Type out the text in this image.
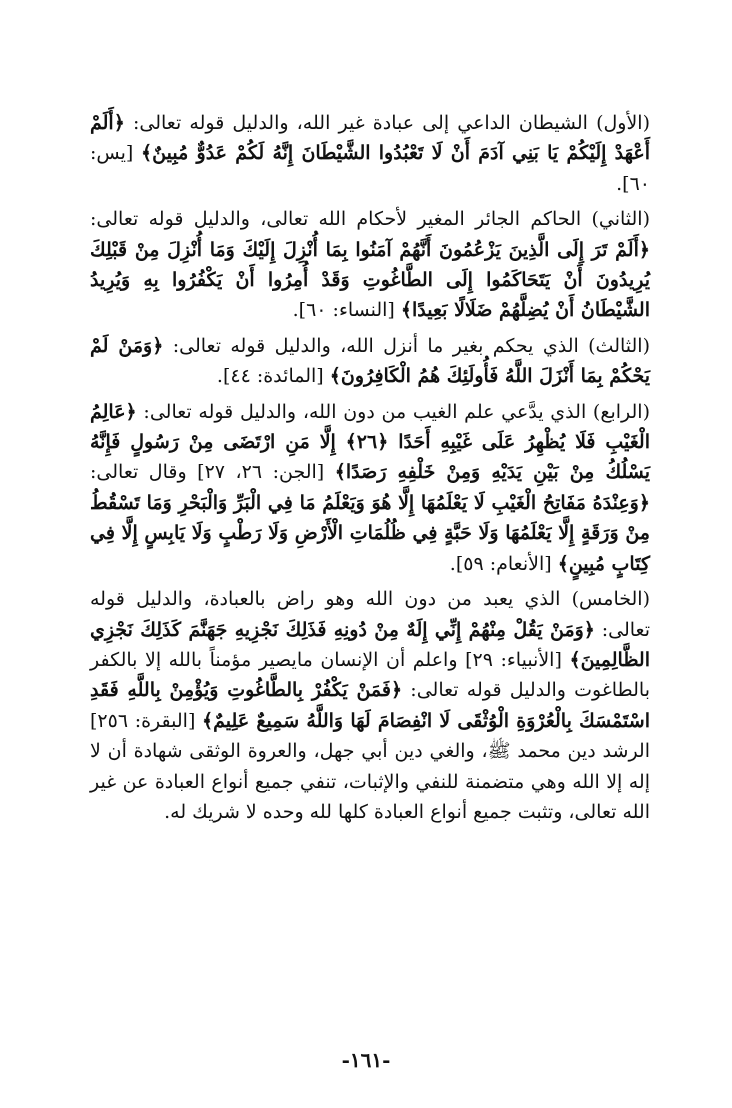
(الأول) الشيطان الداعي إلى عبادة غير الله، والدليل قوله تعالى: ﴿أَلَمْ أَعْهَدْ إِلَيْكُمْ يَا بَنِي آدَمَ أَنْ لَا تَعْبُدُوا الشَّيْطَانَ إِنَّهُ لَكُمْ عَدُوٌّ مُبِينٌ﴾ [يس: ٦٠].

(الثاني) الحاكم الجائر المغير لأحكام الله تعالى، والدليل قوله تعالى: ﴿أَلَمْ تَرَ إِلَى الَّذِينَ يَزْعُمُونَ أَنَّهُمْ آمَنُوا بِمَا أُنْزِلَ إِلَيْكَ وَمَا أُنْزِلَ مِنْ قَبْلِكَ يُرِيدُونَ أَنْ يَتَحَاكَمُوا إِلَى الطَّاغُوتِ وَقَدْ أُمِرُوا أَنْ يَكْفُرُوا بِهِ وَيُرِيدُ الشَّيْطَانُ أَنْ يُضِلَّهُمْ ضَلَالًا بَعِيدًا﴾ [النساء: ٦٠].

(الثالث) الذي يحكم بغير ما أنزل الله، والدليل قوله تعالى: ﴿وَمَنْ لَمْ يَحْكُمْ بِمَا أَنْزَلَ اللَّهُ فَأُولَئِكَ هُمُ الْكَافِرُونَ﴾ [المائدة: ٤٤].

(الرابع) الذي يدَّعي علم الغيب من دون الله، والدليل قوله تعالى: ﴿عَالِمُ الْغَيْبِ فَلَا يُظْهِرُ عَلَى غَيْبِهِ أَحَدًا ﴿٢٦﴾ إِلَّا مَنِ ارْتَضَى مِنْ رَسُولٍ فَإِنَّهُ يَسْلُكُ مِنْ بَيْنِ يَدَيْهِ وَمِنْ خَلْفِهِ رَصَدًا﴾ [الجن: ٢٦، ٢٧] وقال تعالى: ﴿وَعِنْدَهُ مَفَاتِحُ الْغَيْبِ لَا يَعْلَمُهَا إِلَّا هُوَ وَيَعْلَمُ مَا فِي الْبَرِّ وَالْبَحْرِ وَمَا تَسْقُطُ مِنْ وَرَقَةٍ إِلَّا يَعْلَمُهَا وَلَا حَبَّةٍ فِي ظُلُمَاتِ الْأَرْضِ وَلَا رَطْبٍ وَلَا يَابِسٍ إِلَّا فِي كِتَابٍ مُبِينٍ﴾ [الأنعام: ٥٩].

(الخامس) الذي يعبد من دون الله وهو راض بالعبادة، والدليل قوله تعالى: ﴿وَمَنْ يَقُلْ مِنْهُمْ إِنِّي إِلَهٌ مِنْ دُونِهِ فَذَلِكَ نَجْزِيهِ جَهَنَّمَ كَذَلِكَ نَجْزِي الظَّالِمِينَ﴾ [الأنبياء: ٢٩] واعلم أن الإنسان مايصير مؤمناً بالله إلا بالكفر بالطاغوت والدليل قوله تعالى: ﴿فَمَنْ يَكْفُرْ بِالطَّاغُوتِ وَيُؤْمِنْ بِاللَّهِ فَقَدِ اسْتَمْسَكَ بِالْعُرْوَةِ الْوُثْقَى لَا انْفِصَامَ لَهَا وَاللَّهُ سَمِيعٌ عَلِيمٌ﴾ [البقرة: ٢٥٦] الرشد دين محمد ﷺ، والغي دين أبي جهل، والعروة الوثقى شهادة أن لا إله إلا الله وهي متضمنة للنفي والإثبات، تنفي جميع أنواع العبادة عن غير الله تعالى، وتثبت جميع أنواع العبادة كلها لله وحده لا شريك له.

-١٦١-
